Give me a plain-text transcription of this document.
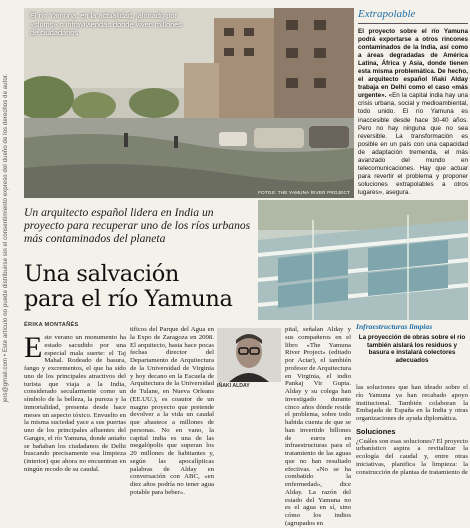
jers@gmail.com • Este artículo no puede distribuirse sin el consentimiento expreso del dueño de los derechos de autor.
El río Yamuna, en la actualidad, jalonado por «slums» o infraviviendas donde viven millones de ciudadanos
FOTOS: THE YAMUNA RIVER PROJECT
Extrapolable

El proyecto sobre el río Yamuna podrá exportarse a otros rincones contaminados de la India, así como a áreas degradadas de América Latina, África y Asia, donde tienen esta misma problemática. De hecho, el arquitecto español Iñaki Alday trabaja en Delhi como el caso «más urgente». «En la capital india hay una crisis urbana, social y medioambiental, todo unido. El río Yamuna es inaccesible desde hace 30-40 años. Pero no hay ninguna que no sea reversible. La transformación es posible en un país con una capacidad de adaptación tremenda, el más avanzado del mundo en telecomunicaciones. Hay que actuar para revertir el problema y proponer soluciones extrapolables a otros lugares», asegura.

Un arquitecto español lidera en India un proyecto para recuperar uno de los ríos urbanos más contaminados del planeta
Una salvación
para el río Yamuna
ÉRIKA MONTAÑÉS
Este verano un monumento ha estado sacudido por una especial mala suerte: el Taj Mahal. Rodeado de basura, fango y excrementos, el que ha sido uno de los principales atractivos del turista que viaja a la India, considerado secularmente como un símbolo de la belleza, la pureza y la inmortalidad, presenta desde hace meses un aspecto tóxico. Envuelto en la misma suciedad yace a sus puertas uno de los principales afluentes del Ganges, el río Yamuna, donde antaño se bañaban los ciudadanos de Delhi buscando precisamente esa limpieza (interior) que ahora no encuentran en ningún recodo de su caudal.
tificos del Parque del Agua en la Expo de Zaragoza en 2008. El arquitecto, hasta hace pocas fechas director del Departamento de Arquitectura de la Universidad de Virginia y hoy decano en la Escuela de Arquitectura de la Universidad de Tulane, en Nueva Orleans (EE.UU.), es coautor de un magno proyecto que pretende devolver a la vida un caudal que abastece a millones de personas. No en vano, la capital india es una de las megalópolis que superan los 20 millones de habitantes y, según las apocalípticas palabras de Alday en conversación con ABC, «en diez años podría no tener agua potable para beber».
IÑAKI ALDAY
pital, señalan Alday y sus compañeros en el libro «The Yamuna River Project» (editado por Actar), el también profesor de Arquitectura en Virginia, el indio Pankaj Vir Gupta. Alday y su colega han investigado durante cinco años dónde reside el problema, sobre todo habida cuenta de que se han invertido billones de euros en infraestructuras para el tratamiento de las aguas que no han resultado efectivas. «No se ha combatido la enfermedad», dice Alday. La razón del estado del Yamuna no es el agua en sí, sino cómo los indios (agrupados en
Infraestructuras limpias

La proyección de obras sobre el río también aislará los residuos y basura e instalará colectores adecuados

las soluciones que han ideado sobre el río Yamuna ya han recabado apoyo institucional. También colaboran la Embajada de España en la India y otras organizaciones de ayuda diplomática.
Soluciones
¿Cuáles son esas soluciones? El proyecto urbanístico aspira a revitalizar la ecología del caudal y, entre otras iniciativas, planifica la limpieza: la construcción de plantas de tratamiento de
